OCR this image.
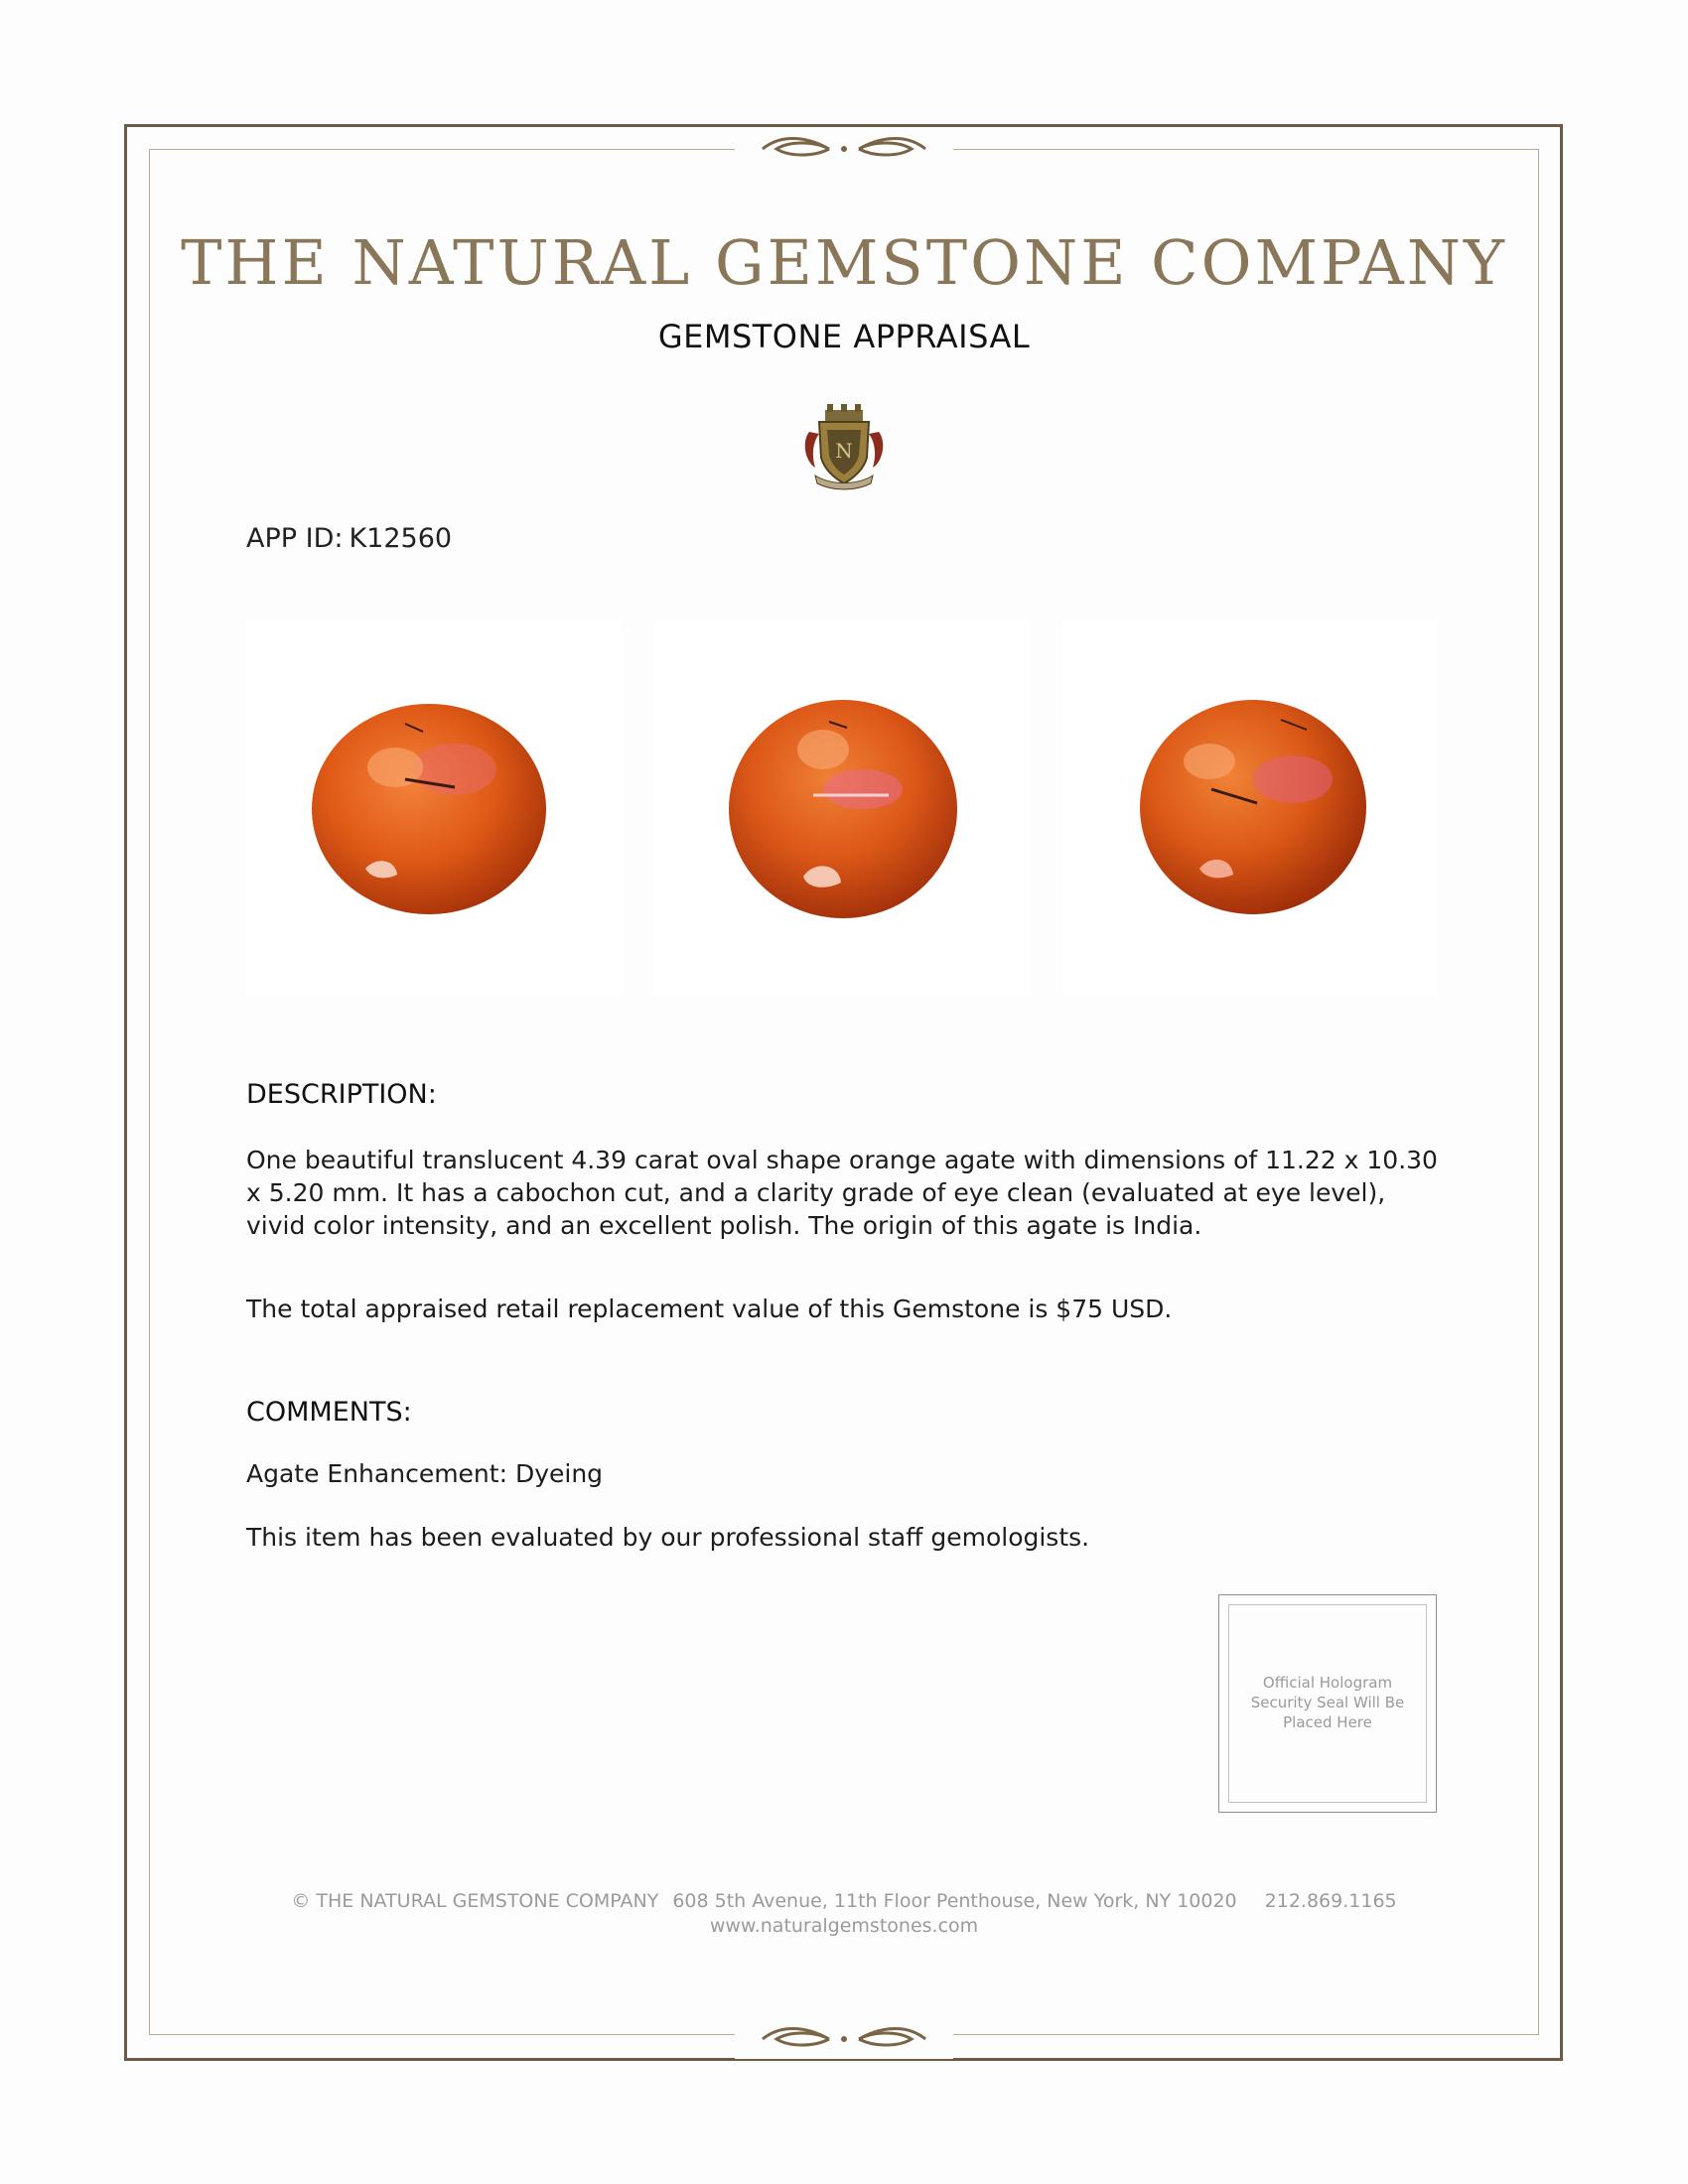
THE NATURAL GEMSTONE COMPANY
GEMSTONE APPRAISAL
N
APP ID: K12560
DESCRIPTION:

One beautiful translucent 4.39 carat oval shape orange agate with dimensions of 11.22 x 10.30 x 5.20 mm. It has a cabochon cut, and a clarity grade of eye clean (evaluated at eye level), vivid color intensity, and an excellent polish. The origin of this agate is India.

The total appraised retail replacement value of this Gemstone is $75 USD.

COMMENTS:

Agate Enhancement: Dyeing

This item has been evaluated by our professional staff gemologists.

Official Hologram Security Seal Will Be Placed Here
© THE NATURAL GEMSTONE COMPANY 608 5th Avenue, 11th Floor Penthouse, New York, NY 10020 212.869.1165
www.naturalgemstones.com
